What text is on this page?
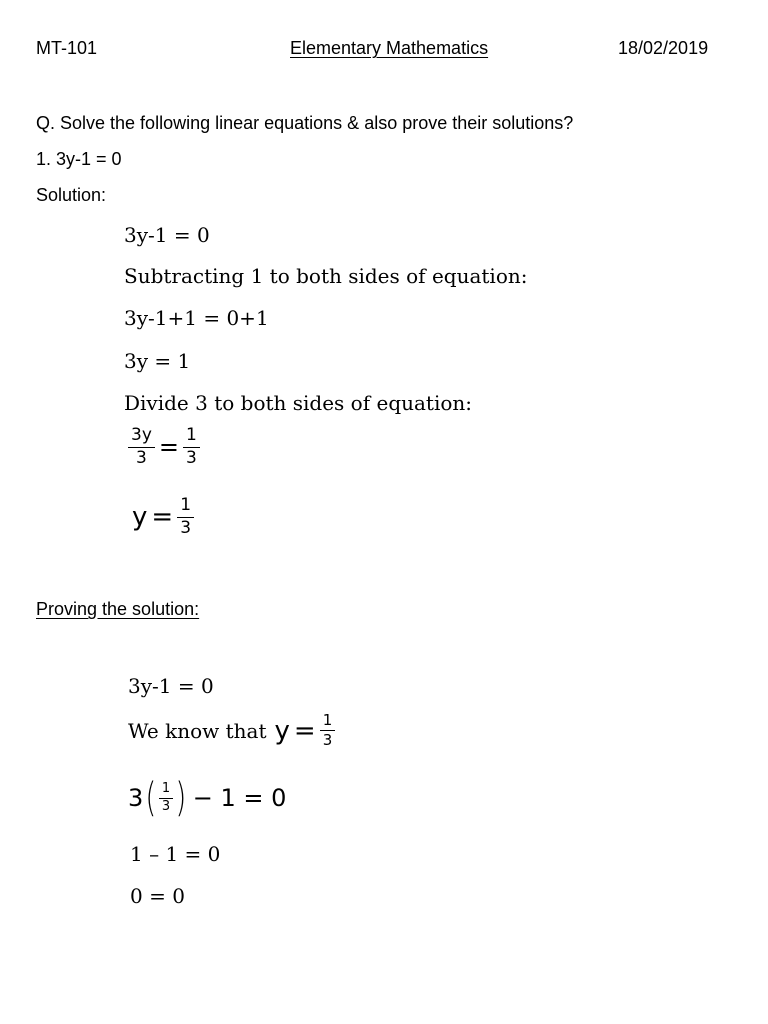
MT-101	Elementary Mathematics	18/02/2019
Q. Solve the following linear equations & also prove their solutions?
1. 3y-1 = 0
Solution:
3y-1 = 0
Subtracting 1 to both sides of equation:
3y-1+1 = 0+1
3y = 1
Divide 3 to both sides of equation:
$\frac{3y}{3} = \frac{1}{3}$
$y = \frac{1}{3}$
Proving the solution:
3y-1 = 0
We know that $y = \frac{1}{3}$
3 ( $\frac{1}{3}$ ) − 1 = 0
1 – 1 = 0
0 = 0
